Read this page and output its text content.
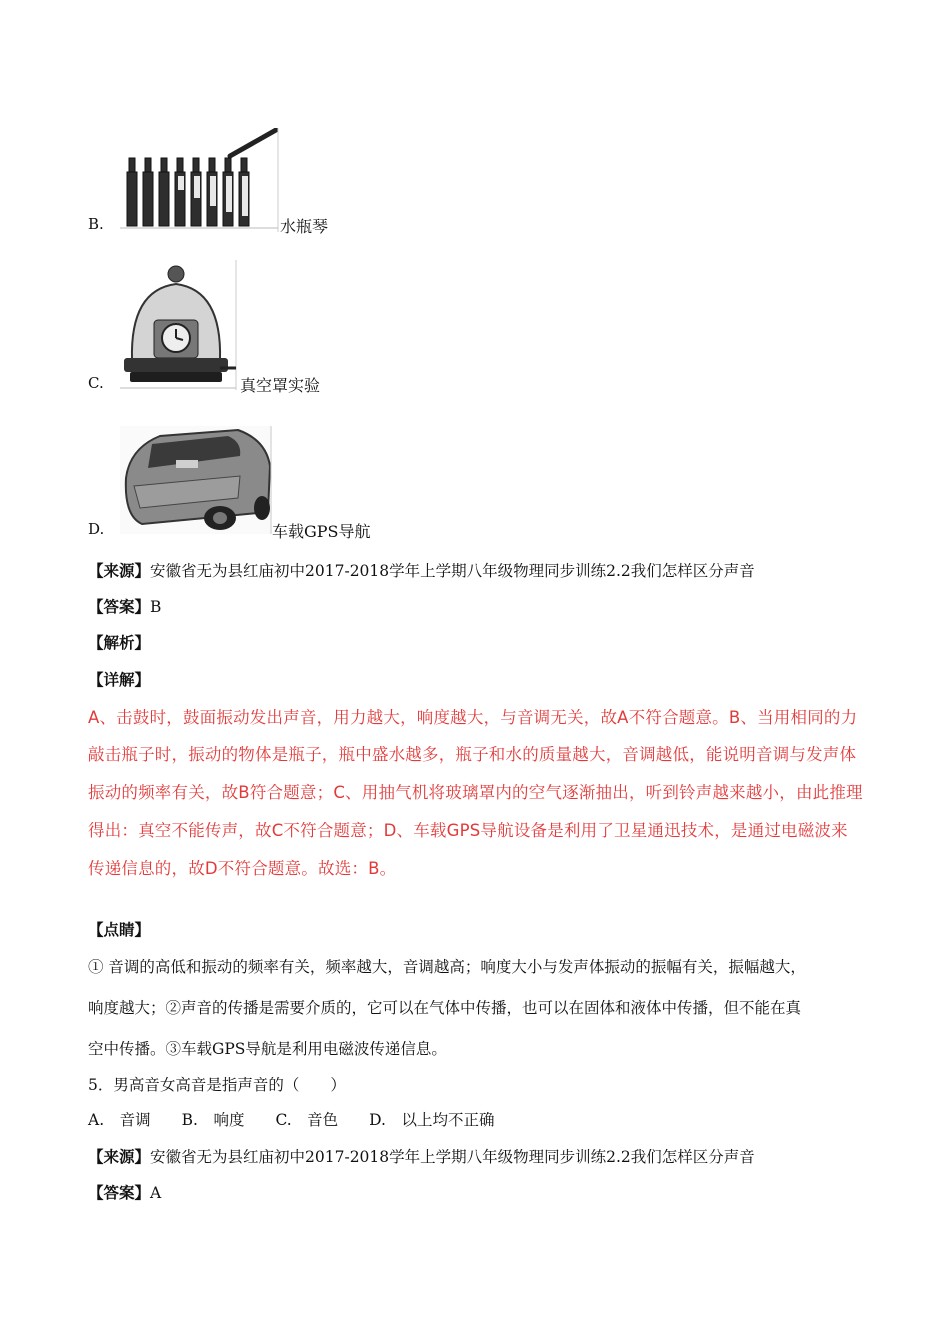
B.	水瓶琴
C.	真空罩实验
D.	车载GPS导航
【来源】安徽省无为县红庙初中2017-2018学年上学期八年级物理同步训练2.2我们怎样区分声音
【答案】B
【解析】
【详解】
A、击鼓时，鼓面振动发出声音，用力越大，响度越大，与音调无关，故A不符合题意。B、当用相同的力
敲击瓶子时，振动的物体是瓶子，瓶中盛水越多，瓶子和水的质量越大，音调越低，能说明音调与发声体
振动的频率有关，故B符合题意；C、用抽气机将玻璃罩内的空气逐渐抽出，听到铃声越来越小，由此推理
得出：真空不能传声，故C不符合题意；D、车载GPS导航设备是利用了卫星通迅技术，是通过电磁波来
传递信息的，故D不符合题意。故选：B。
【点睛】
① 音调的高低和振动的频率有关，频率越大，音调越高；响度大小与发声体振动的振幅有关，振幅越大，
响度越大；②声音的传播是需要介质的，它可以在气体中传播，也可以在固体和液体中传播，但不能在真
空中传播。③车载GPS导航是利用电磁波传递信息。
5．男高音女高音是指声音的（　　）
A.　音调　　B.　响度　　C.　音色　　D.　以上均不正确
【来源】安徽省无为县红庙初中2017-2018学年上学期八年级物理同步训练2.2我们怎样区分声音
【答案】A
